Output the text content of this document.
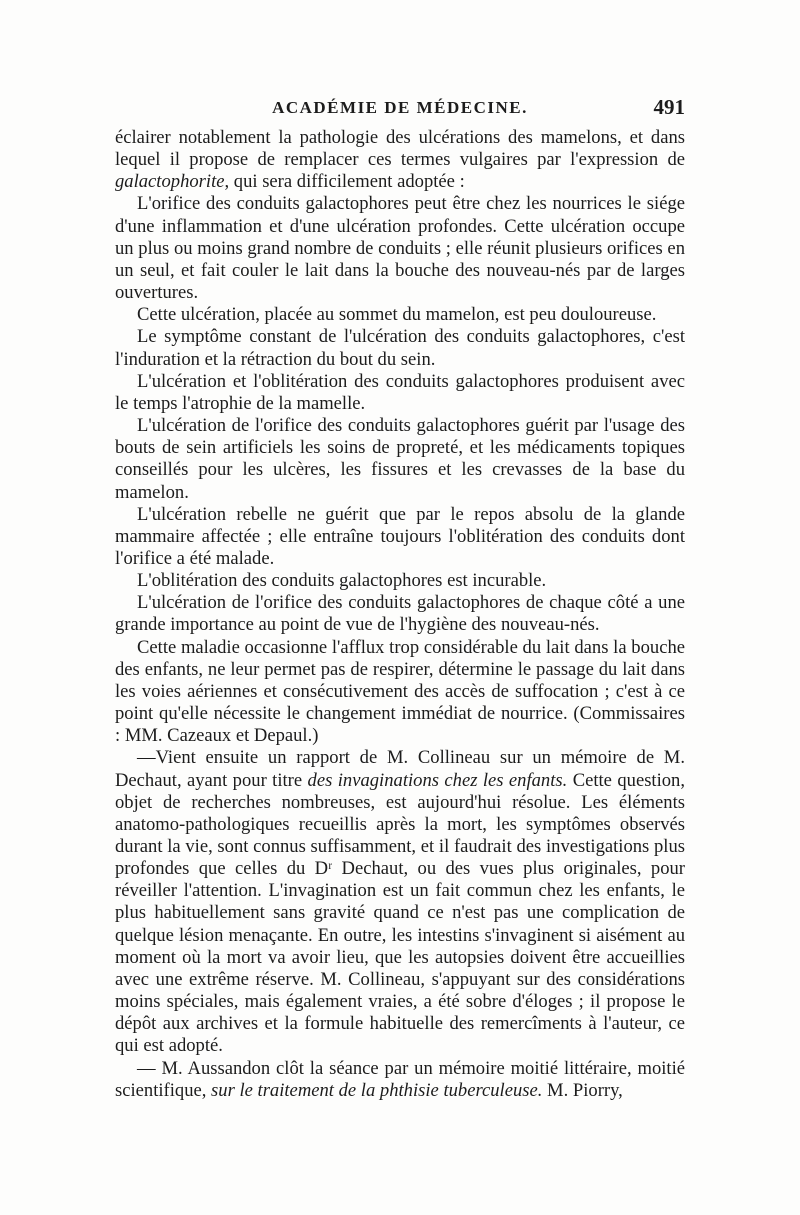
ACADÉMIE DE MÉDECINE.	491

éclairer notablement la pathologie des ulcérations des mamelons, et dans lequel il propose de remplacer ces termes vulgaires par l'expression de galactophorite, qui sera difficilement adoptée :

L'orifice des conduits galactophores peut être chez les nourrices le siége d'une inflammation et d'une ulcération profondes. Cette ulcération occupe un plus ou moins grand nombre de conduits ; elle réunit plusieurs orifices en un seul, et fait couler le lait dans la bouche des nouveau-nés par de larges ouvertures.

Cette ulcération, placée au sommet du mamelon, est peu douloureuse.

Le symptôme constant de l'ulcération des conduits galactophores, c'est l'induration et la rétraction du bout du sein.

L'ulcération et l'oblitération des conduits galactophores produisent avec le temps l'atrophie de la mamelle.

L'ulcération de l'orifice des conduits galactophores guérit par l'usage des bouts de sein artificiels les soins de propreté, et les médicaments topiques conseillés pour les ulcères, les fissures et les crevasses de la base du mamelon.

L'ulcération rebelle ne guérit que par le repos absolu de la glande mammaire affectée ; elle entraîne toujours l'oblitération des conduits dont l'orifice a été malade.

L'oblitération des conduits galactophores est incurable.

L'ulcération de l'orifice des conduits galactophores de chaque côté a une grande importance au point de vue de l'hygiène des nouveau-nés.

Cette maladie occasionne l'afflux trop considérable du lait dans la bouche des enfants, ne leur permet pas de respirer, détermine le passage du lait dans les voies aériennes et consécutivement des accès de suffocation ; c'est à ce point qu'elle nécessite le changement immédiat de nourrice. (Commissaires : MM. Cazeaux et Depaul.)

—Vient ensuite un rapport de M. Collineau sur un mémoire de M. Dechaut, ayant pour titre des invaginations chez les enfants. Cette question, objet de recherches nombreuses, est aujourd'hui résolue. Les éléments anatomo-pathologiques recueillis après la mort, les symptômes observés durant la vie, sont connus suffisamment, et il faudrait des investigations plus profondes que celles du Dʳ Dechaut, ou des vues plus originales, pour réveiller l'attention. L'invagination est un fait commun chez les enfants, le plus habituellement sans gravité quand ce n'est pas une complication de quelque lésion menaçante. En outre, les intestins s'invaginent si aisément au moment où la mort va avoir lieu, que les autopsies doivent être accueillies avec une extrême réserve. M. Collineau, s'appuyant sur des considérations moins spéciales, mais également vraies, a été sobre d'éloges ; il propose le dépôt aux archives et la formule habituelle des remercîments à l'auteur, ce qui est adopté.

— M. Aussandon clôt la séance par un mémoire moitié littéraire, moitié scientifique, sur le traitement de la phthisie tuberculeuse. M. Piorry,
